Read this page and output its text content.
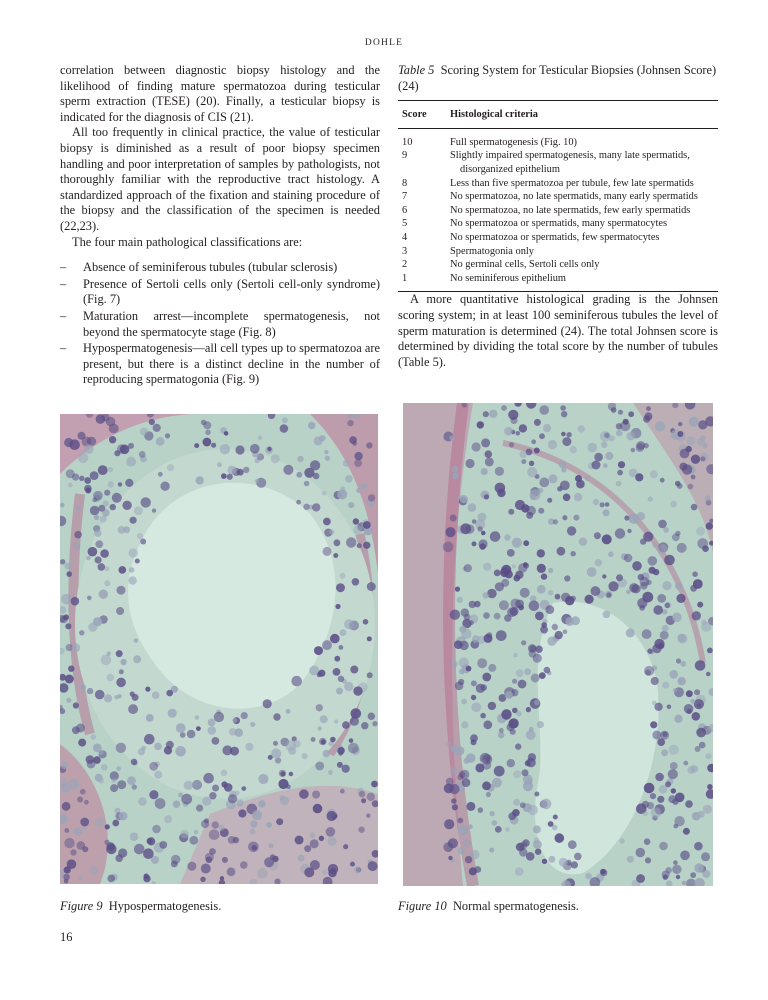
DOHLE

correlation between diagnostic biopsy histology and the likelihood of finding mature spermatozoa during testicular sperm extraction (TESE) (20). Finally, a testicular biopsy is indicated for the diagnosis of CIS (21).

All too frequently in clinical practice, the value of testicular biopsy is diminished as a result of poor biopsy specimen handling and poor interpretation of samples by pathologists, not thoroughly familiar with the reproductive tract histology. A standardized approach of the fixation and staining procedure of the biopsy and the classification of the specimen is needed (22,23).

The four main pathological classifications are:

– Absence of seminiferous tubules (tubular sclerosis)
– Presence of Sertoli cells only (Sertoli cell-only syndrome) (Fig. 7)
– Maturation arrest—incomplete spermatogenesis, not beyond the spermatocyte stage (Fig. 8)
– Hypospermatogenesis—all cell types up to spermatozoa are present, but there is a distinct decline in the number of reproducing spermatogonia (Fig. 9)
Table 5 Scoring System for Testicular Biopsies (Johnsen Score) (24)
Score	Histological criteria

10	Full spermatogenesis (Fig. 10)
9	Slightly impaired spermatogenesis, many late spermatids,
disorganized epithelium

8	Less than five spermatozoa per tubule, few late spermatids
7	No spermatozoa, no late spermatids, many early spermatids
6	No spermatozoa, no late spermatids, few early spermatids
5	No spermatozoa or spermatids, many spermatocytes
4	No spermatozoa or spermatids, few spermatocytes
3	Spermatogonia only
2	No germinal cells, Sertoli cells only
1	No seminiferous epithelium

A more quantitative histological grading is the Johnsen scoring system; in at least 100 seminiferous tubules the level of sperm maturation is determined (24). The total Johnsen score is determined by dividing the total score by the number of tubules (Table 5).

Figure 9 Hypospermatogenesis.	Figure 10 Normal spermatogenesis.
16
